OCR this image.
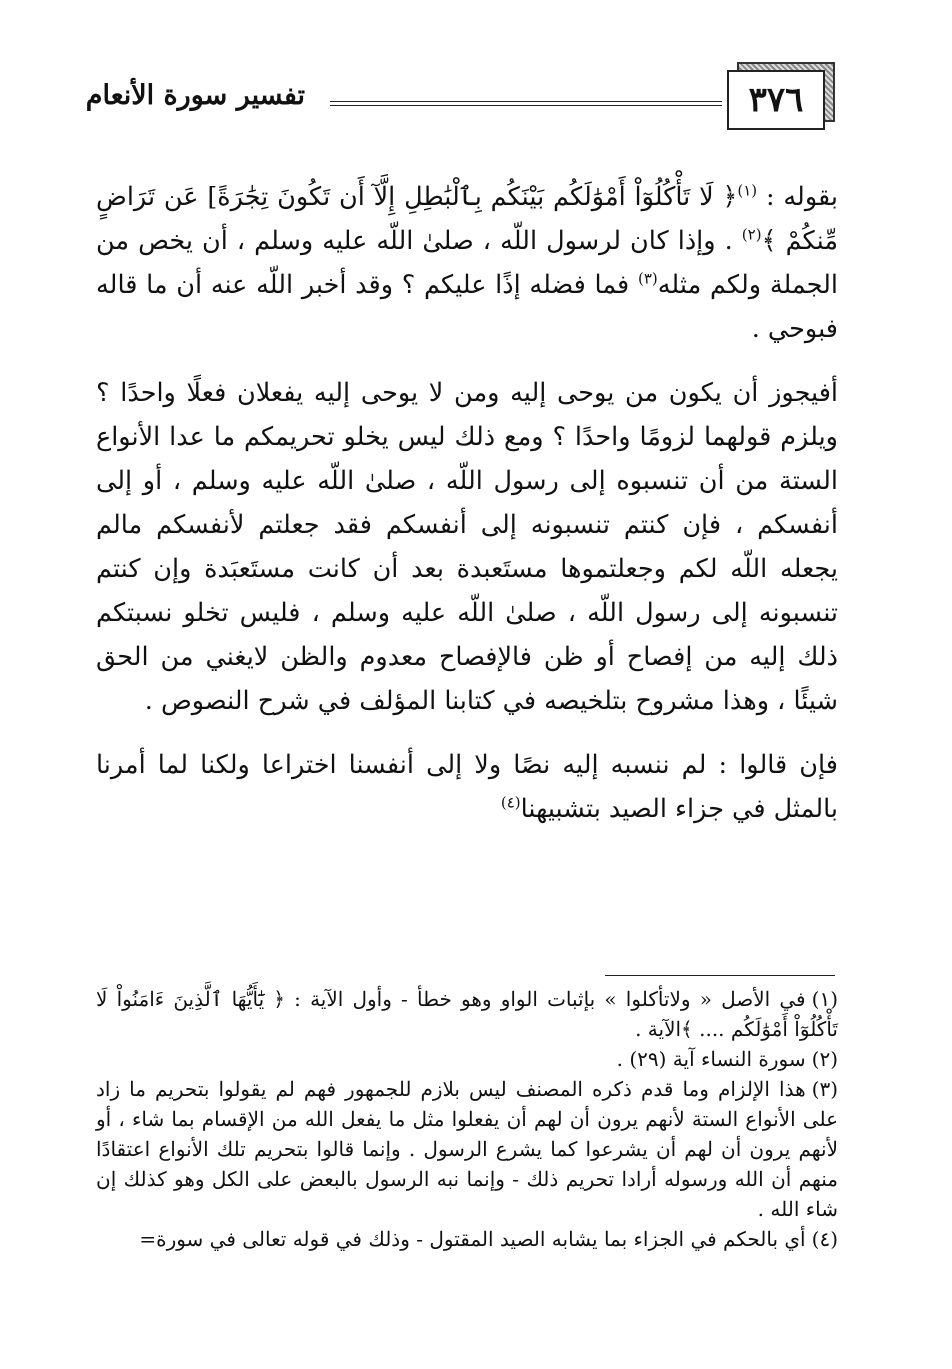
٣٧٦
تفسير سورة الأنعام

بقوله : $^{(١)}$﴿ لَا تَأْكُلُوٓاْ أَمْوَٰلَكُم بَيْنَكُم بِٱلْبَٰطِلِ إِلَّآ أَن تَكُونَ تِجَٰرَةً] عَن تَرَاضٍ مِّنكُمْ ﴾$^{(٢)}$ . وإذا كان لرسول اللّه ، صلىٰ اللّه عليه وسلم ، أن يخص من الجملة ولكم مثله$^{(٣)}$ فما فضله إذًا عليكم ؟ وقد أخبر اللّه عنه أن ما قاله فبوحي .

أفيجوز أن يكون من يوحى إليه ومن لا يوحى إليه يفعلان فعلًا واحدًا ؟ ويلزم قولهما لزومًا واحدًا ؟ ومع ذلك ليس يخلو تحريمكم ما عدا الأنواع الستة من أن تنسبوه إلى رسول اللّه ، صلىٰ اللّه عليه وسلم ، أو إلى أنفسكم ، فإن كنتم تنسبونه إلى أنفسكم فقد جعلتم لأنفسكم مالم يجعله اللّه لكم وجعلتموها مستَعبدة بعد أن كانت مستَعبَدة وإن كنتم تنسبونه إلى رسول اللّه ، صلىٰ اللّه عليه وسلم ، فليس تخلو نسبتكم ذلك إليه من إفصاح أو ظن فالإفصاح معدوم والظن لايغني من الحق شيئًا ، وهذا مشروح بتلخيصه في كتابنا المؤلف في شرح النصوص .

فإن قالوا : لم ننسبه إليه نصًا ولا إلى أنفسنا اختراعا ولكنا لما أمرنا بالمثل في جزاء الصيد بتشبيهنا$^{(٤)}$

(١)في الأصل « ولاتأكلوا » بإثبات الواو وهو خطأ - وأول الآية : ﴿ يَٰٓأَيُّهَا ٱلَّذِينَ ءَامَنُواْ لَا تَأْكُلُوٓاْ أَمْوَٰلَكُم .... ﴾الآية .

(٢)سورة النساء آية (٢٩) .

(٣)هذا الإلزام وما قدم ذكره المصنف ليس بلازم للجمهور فهم لم يقولوا بتحريم ما زاد على الأنواع الستة لأنهم يرون أن لهم أن يفعلوا مثل ما يفعل الله من الإقسام بما شاء ، أو لأنهم يرون أن لهم أن يشرعوا كما يشرع الرسول . وإنما قالوا بتحريم تلك الأنواع اعتقادًا منهم أن الله ورسوله أرادا تحريم ذلك - وإنما نبه الرسول بالبعض على الكل وهو كذلك إن شاء الله .

(٤)أي بالحكم في الجزاء بما يشابه الصيد المقتول - وذلك في قوله تعالى في سورة=
